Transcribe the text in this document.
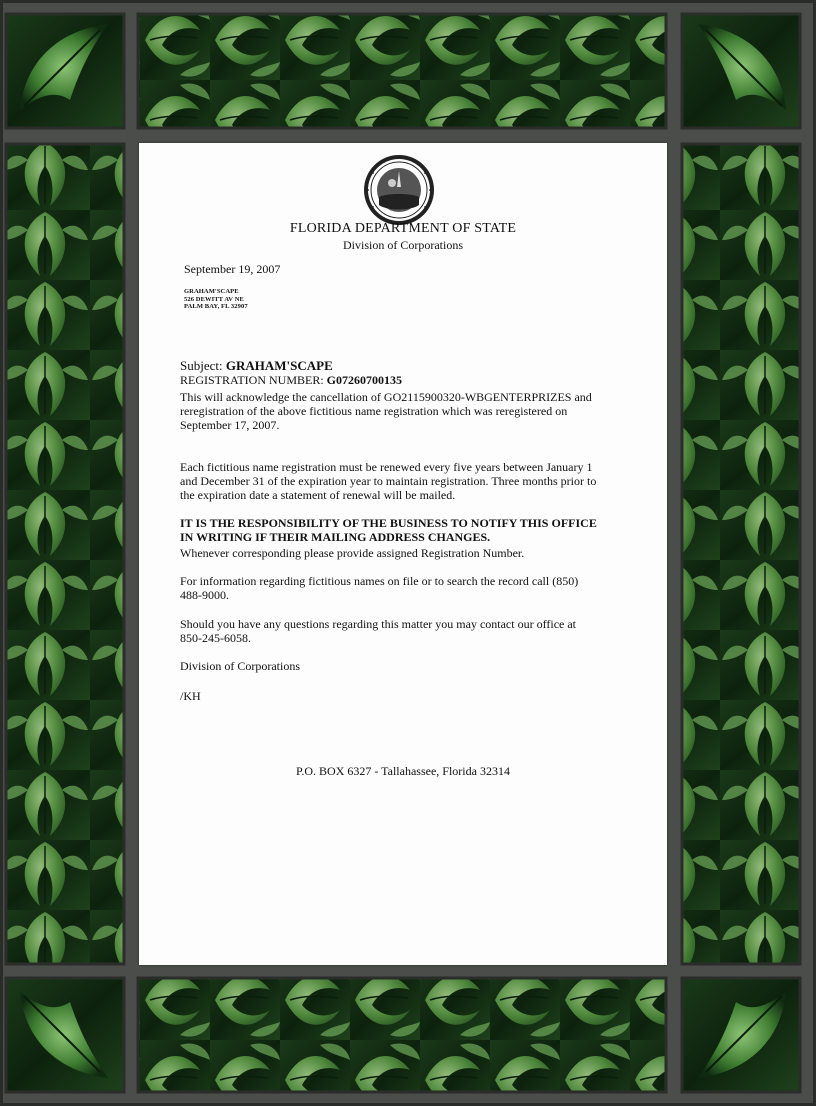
FLORIDA DEPARTMENT OF STATE
Division of Corporations
September 19, 2007
GRAHAM'SCAPE
526 DEWITT AV NE
PALM BAY, FL 32907
Subject: GRAHAM'SCAPE
REGISTRATION NUMBER: G07260700135
This will acknowledge the cancellation of GO2115900320-WBGENTERPRIZES and reregistration of the above fictitious name registration which was reregistered on September 17, 2007.
Each fictitious name registration must be renewed every five years between January 1 and December 31 of the expiration year to maintain registration. Three months prior to the expiration date a statement of renewal will be mailed.
IT IS THE RESPONSIBILITY OF THE BUSINESS TO NOTIFY THIS OFFICE IN WRITING IF THEIR MAILING ADDRESS CHANGES.
Whenever corresponding please provide assigned Registration Number.
For information regarding fictitious names on file or to search the record call (850) 488-9000.
Should you have any questions regarding this matter you may contact our office at 850-245-6058.
Division of Corporations
/KH
P.O. BOX 6327 - Tallahassee, Florida 32314
